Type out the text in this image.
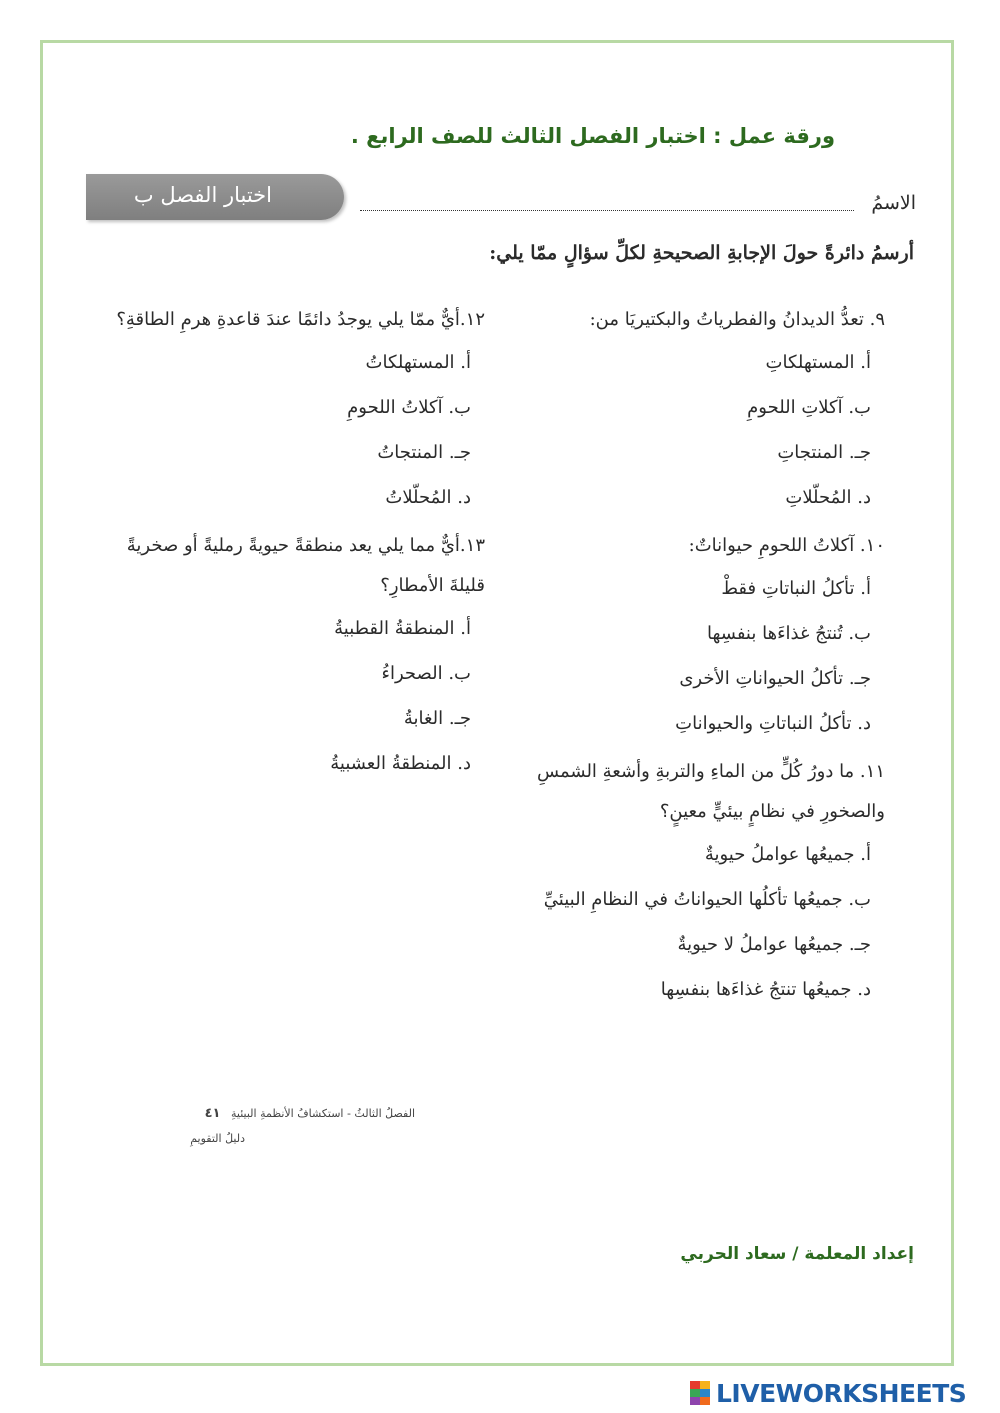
ورقة عمل : اختبار الفصل الثالث للصف الرابع .
اختبار الفصل ب	الاسمُ
أرسمُ دائرةً حولَ الإجابةِ الصحيحةِ لكلِّ سؤالٍ ممّا يلي:
٩. تعدُّ الديدانُ والفطرياتُ والبكتيريَا من:
أ. المستهلكاتِ
ب. آكلاتِ اللحومِ
جـ. المنتجاتِ
د. المُحلّلاتِ
١٠. آكلاتُ اللحومِ حيواناتٌ:
أ. تأكلُ النباتاتِ فقطْ
ب. تُنتجُ غذاءَها بنفسِها
جـ. تأكلُ الحيواناتِ الأخرى
د. تأكلُ النباتاتِ والحيواناتِ
١١. ما دورُ كُلٍّ من الماءِ والتربةِ وأشعةِ الشمسِ والصخورِ في نظامٍ بيئيٍّ معينٍ؟
أ. جميعُها عواملُ حيويةٌ
ب. جميعُها تأكلُها الحيواناتُ في النظامِ البيئيِّ
جـ. جميعُها عواملُ لا حيويةٌ
د. جميعُها تنتجُ غذاءَها بنفسِها
١٢.أيٌّ ممّا يلي يوجدُ دائمًا عندَ قاعدةِ هرمِ الطاقةِ؟
أ. المستهلكاتُ
ب. آكلاتُ اللحومِ
جـ. المنتجاتُ
د. المُحلّلاتُ
١٣.أيٌّ مما يلي يعد منطقةً حيويةً رمليةً أو صخريةً قليلةَ الأمطارِ؟
أ. المنطقةُ القطبيةُ
ب. الصحراءُ
جـ. الغابةُ
د. المنطقةُ العشبيةُ
الفصلُ الثالثُ - استكشافُ الأنظمةِ البيئيةِ   ٤١
دليلُ التقويمِ
إعداد المعلمة / سعاد الحربي
LIVEWORKSHEETS
